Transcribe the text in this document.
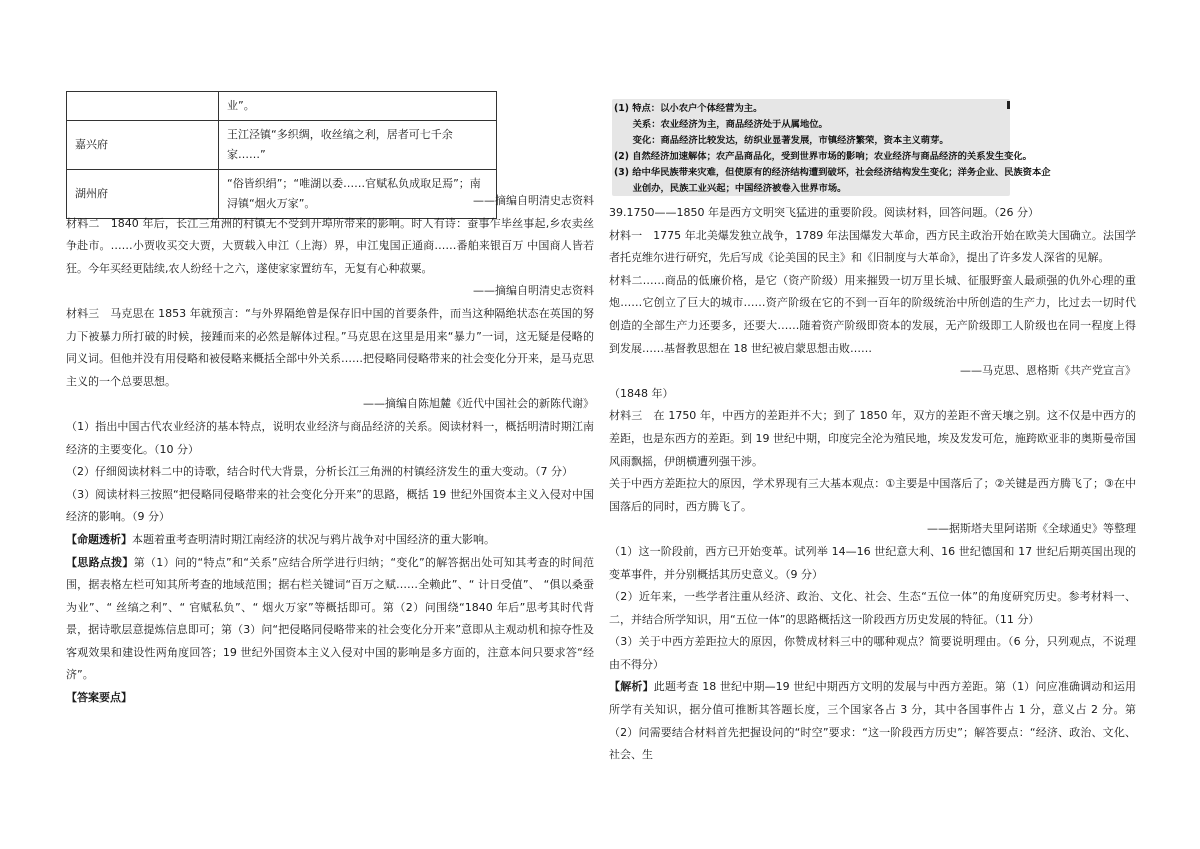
	业”。
嘉兴府	王江泾镇“多织绸，收丝缟之利，居者可七千余家……”
湖州府	“俗皆织绢”；“唯湖以委……官赋私负成取足焉”；南浔镇“烟火万家”。	——摘编自明清史志资料

材料二　1840 年后，长江三角洲的村镇无不受到开埠所带来的影响。时人有诗：蚕事乍毕丝事起,乡农卖丝争赴市。……小贾收买交大贾，大贾载入申江（上海）界，申江鬼国正通商……番舶来银百万 中国商人皆若狂。今年买经更陆续,农人纷经十之六，遂使家家置纺车，无复有心种菽粟。

——摘编自明清史志资料

材料三　马克思在 1853 年就预言：“与外界隔绝曾是保存旧中国的首要条件，而当这种隔绝状态在英国的努力下被暴力所打破的时候，接踵而来的必然是解体过程。”马克思在这里是用来“暴力”一词，这无疑是侵略的同义词。但他并没有用侵略和被侵略来概括全部中外关系……把侵略同侵略带来的社会变化分开来，是马克思主义的一个总要思想。

——摘编自陈旭麓《近代中国社会的新陈代谢》

（1）指出中国古代农业经济的基本特点，说明农业经济与商品经济的关系。阅读材料一，概括明清时期江南经济的主要变化。（10 分）

（2）仔细阅读材料二中的诗歌，结合时代大背景，分析长江三角洲的村镇经济发生的重大变动。（7 分）

（3）阅读材料三按照“把侵略同侵略带来的社会变化分开来”的思路，概括 19 世纪外国资本主义入侵对中国经济的影响。（9 分）

【命题透析】本题着重考查明清时期江南经济的状况与鸦片战争对中国经济的重大影响。

【思路点拨】第（1）问的“特点”和“关系”应结合所学进行归纳；“变化”的解答据出处可知其考查的时间范围，据表格左栏可知其所考查的地域范围；据右栏关键词“百万之赋……全赖此”、“ 计日受值”、 “俱以桑蚕为业”、“ 丝缟之利”、“ 官赋私负”、“ 烟火万家”等概括即可。第（2）问围绕“1840 年后”思考其时代背景，据诗歌层意提炼信息即可；第（3）问“把侵略同侵略带来的社会变化分开来”意即从主观动机和掠夺性及客观效果和建设性两角度回答；19 世纪外国资本主义入侵对中国的影响是多方面的，注意本问只要求答“经济”。

【答案要点】

(1) 特点：以小农户个体经营为主。

　　关系：农业经济为主，商品经济处于从属地位。

　　变化：商品经济比较发达，纺织业显著发展，市镇经济繁荣，资本主义萌芽。

(2) 自然经济加速解体；农产品商品化，受到世界市场的影响；农业经济与商品经济的关系发生变化。

(3) 给中华民族带来灾难，但使原有的经济结构遭到破坏，社会经济结构发生变化；洋务企业、民族资本企

　　业创办，民族工业兴起；中国经济被卷入世界市场。

39.1750——1850 年是西方文明突飞猛进的重要阶段。阅读材料，回答问题。（26 分）

材料一　1775 年北美爆发独立战争，1789 年法国爆发大革命，西方民主政治开始在欧美大国确立。法国学者托克维尔进行研究，先后写成《论美国的民主》和《旧制度与大革命》，提出了许多发人深省的见解。

材料二……商品的低廉价格，是它（资产阶级）用来摧毁一切万里长城、征服野蛮人最顽强的仇外心理的重炮……它创立了巨大的城市……资产阶级在它的不到一百年的阶级统治中所创造的生产力，比过去一切时代创造的全部生产力还要多，还要大……随着资产阶级即资本的发展，无产阶级即工人阶级也在同一程度上得到发展……基督教思想在 18 世纪被启蒙思想击败……

——马克思、恩格斯《共产党宣言》

（1848 年）

材料三　在 1750 年，中西方的差距并不大；到了 1850 年，双方的差距不啻天壤之别。这不仅是中西方的差距，也是东西方的差距。到 19 世纪中期，印度完全沦为殖民地，埃及发发可危，施跨欧亚非的奥斯曼帝国风雨飘摇，伊朗横遭列强干涉。

关于中西方差距拉大的原因，学术界现有三大基本观点：①主要是中国落后了；②关键是西方腾飞了；③在中国落后的同时，西方腾飞了。

——据斯塔夫里阿诺斯《全球通史》等整理

（1）这一阶段前，西方已开始变革。试列举 14—16 世纪意大利、16 世纪德国和 17 世纪后期英国出现的变革事件，并分别概括其历史意义。（9 分）

（2）近年来，一些学者注重从经济、政治、文化、社会、生态“五位一体”的角度研究历史。参考材料一、二，并结合所学知识，用“五位一体”的思路概括这一阶段西方历史发展的特征。（11 分）

（3）关于中西方差距拉大的原因，你赞成材料三中的哪种观点？简要说明理由。（6 分，只列观点，不说理由不得分）

【解析】此题考查 18 世纪中期—19 世纪中期西方文明的发展与中西方差距。第（1）问应准确调动和运用所学有关知识，据分值可推断其答题长度，三个国家各占 3 分，其中各国事件占 1 分，意义占 2 分。第（2）问需要结合材料首先把握设问的“时空”要求：“这一阶段西方历史”；解答要点：“经济、政治、文化、社会、生
